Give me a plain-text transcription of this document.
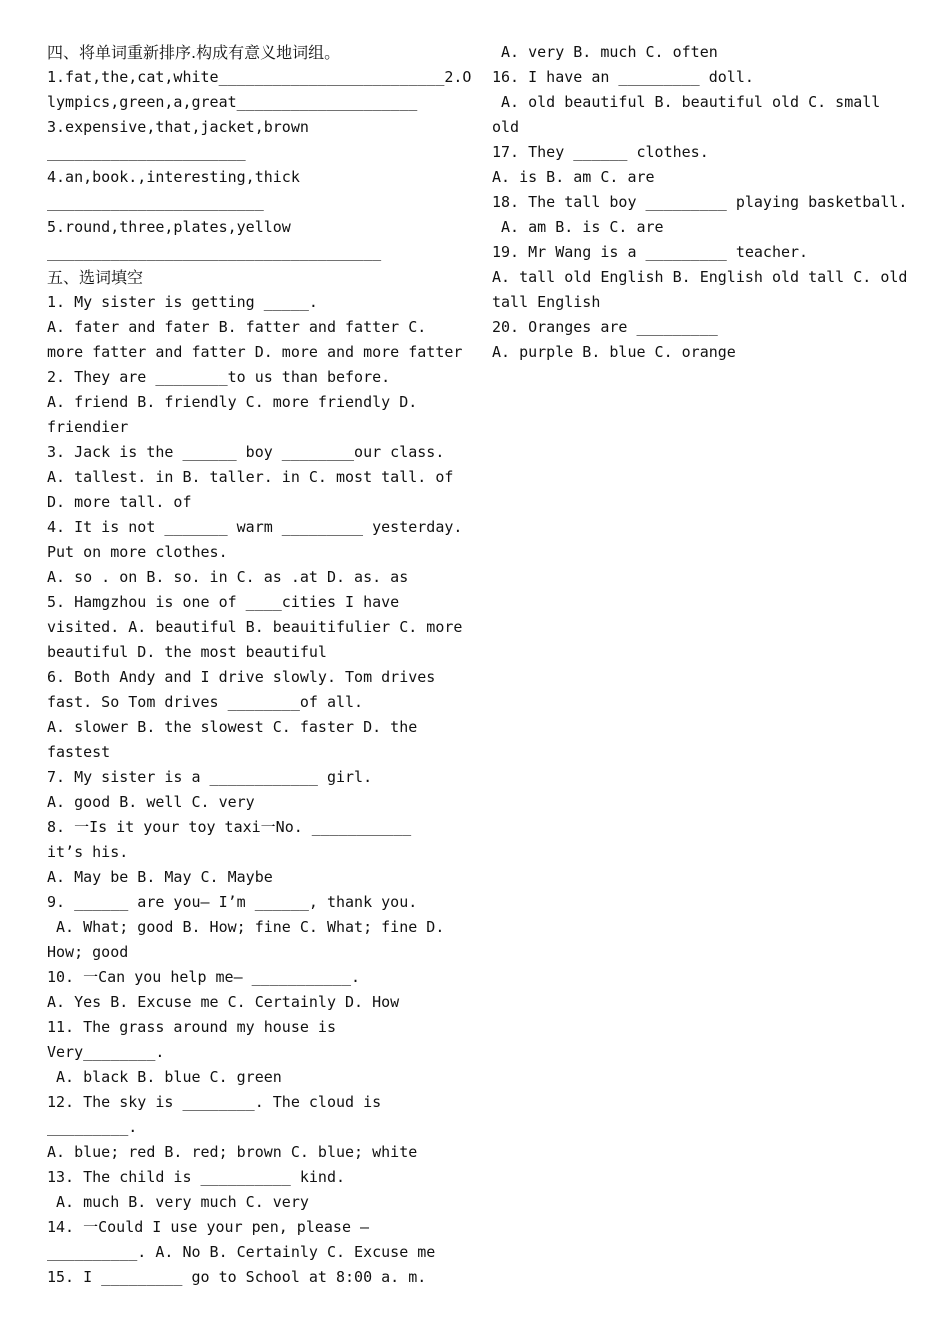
四、将单词重新排序.构成有意义地词组。
1.fat,the,cat,white_________________________2.O
lympics,green,a,great____________________
3.expensive,that,jacket,brown
______________________
4.an,book.,interesting,thick
________________________
5.round,three,plates,yellow
_____________________________________
五、选词填空
1. My sister is getting _____.
A. fater and fater B. fatter and fatter C.
more fatter and fatter D. more and more fatter
2. They are ________to us than before.
A. friend B. friendly C. more friendly D.
friendier
3. Jack is the ______ boy ________our class.
A. tallest. in B. taller. in C. most tall. of
D. more tall. of
4. It is not _______ warm _________ yesterday.
Put on more clothes.
A. so . on B. so. in C. as .at D. as. as
5. Hamgzhou is one of ____cities I have
visited. A. beautiful B. beauitifulier C. more
beautiful D. the most beautiful
6. Both Andy and I drive slowly. Tom drives
fast. So Tom drives ________of all.
A. slower B. the slowest C. faster D. the
fastest
7. My sister is a ____________ girl.
A. good B. well C. very
8. 一Is it your toy taxi一No. ___________
it’s his.
A. May be B. May C. Maybe
9. ______ are you— I’m ______, thank you.
A. What; good B. How; fine C. What; fine D.
How; good
10. 一Can you help me— ___________.
A. Yes B. Excuse me C. Certainly D. How
11. The grass around my house is
Very________.
A. black B. blue C. green
12. The sky is ________. The cloud is
_________.
A. blue; red B. red; brown C. blue; white
13. The child is __________ kind.
A. much B. very much C. very
14. 一Could I use your pen, please —
__________. A. No B. Certainly C. Excuse me
15. I _________ go to School at 8:00 a. m.
A. very B. much C. often
16. I have an _________ doll.
A. old beautiful B. beautiful old C. small
old
17. They ______ clothes.
A. is B. am C. are
18. The tall boy _________ playing basketball.
A. am B. is C. are
19. Mr Wang is a _________ teacher.
A. tall old English B. English old tall C. old
tall English
20. Oranges are _________
A. purple B. blue C. orange
